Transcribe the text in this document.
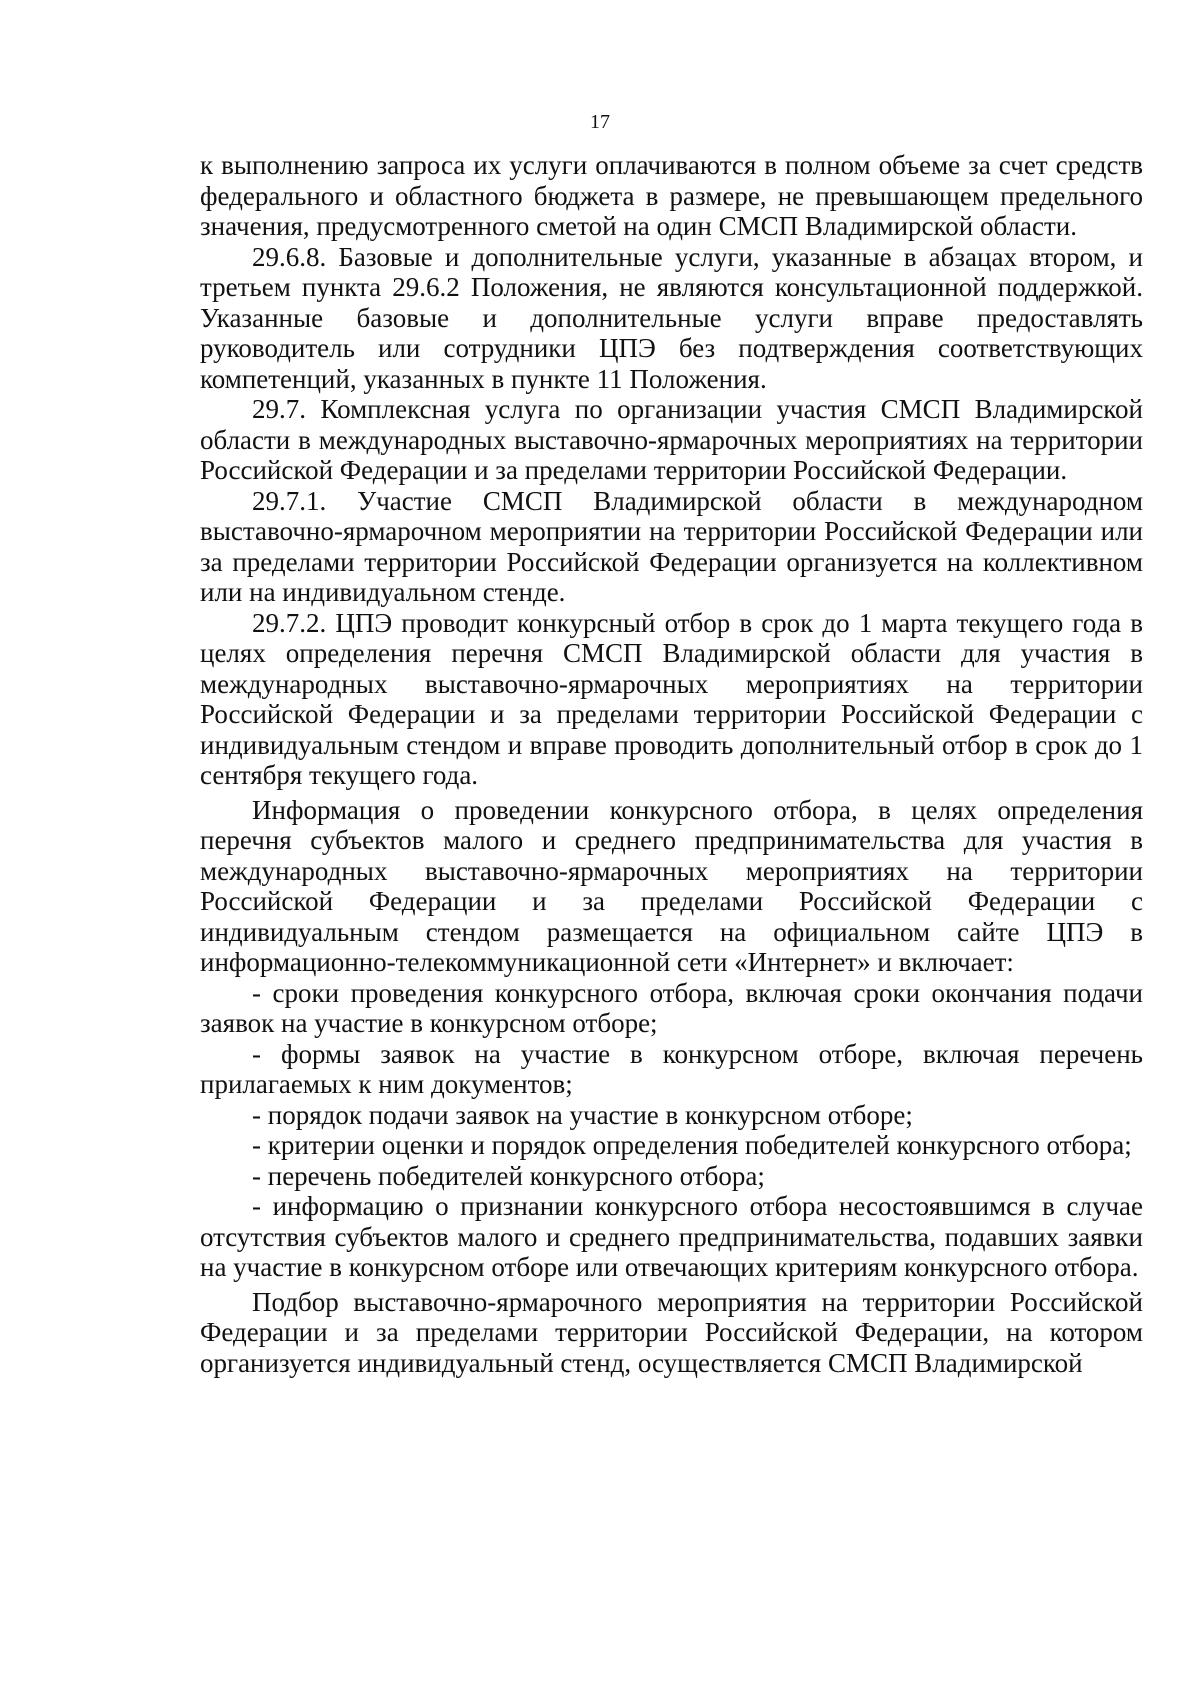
17

к выполнению запроса их услуги оплачиваются в полном объеме за счет средств федерального и областного бюджета в размере, не превышающем предельного значения, предусмотренного сметой на один СМСП Владимирской области.

29.6.8. Базовые и дополнительные услуги, указанные в абзацах втором, и третьем пункта 29.6.2 Положения, не являются консультационной поддержкой. Указанные базовые и дополнительные услуги вправе предоставлять руководитель или сотрудники ЦПЭ без подтверждения соответствующих компетенций, указанных в пункте 11 Положения.

29.7. Комплексная услуга по организации участия СМСП Владимирской области в международных выставочно-ярмарочных мероприятиях на территории Российской Федерации и за пределами территории Российской Федерации.

29.7.1. Участие СМСП Владимирской области в международном выставочно-ярмарочном мероприятии на территории Российской Федерации или за пределами территории Российской Федерации организуется на коллективном или на индивидуальном стенде.

29.7.2. ЦПЭ проводит конкурсный отбор в срок до 1 марта текущего года в целях определения перечня СМСП Владимирской области для участия в международных выставочно-ярмарочных мероприятиях на территории Российской Федерации и за пределами территории Российской Федерации с индивидуальным стендом и вправе проводить дополнительный отбор в срок до 1 сентября текущего года.

Информация о проведении конкурсного отбора, в целях определения перечня субъектов малого и среднего предпринимательства для участия в международных выставочно-ярмарочных мероприятиях на территории Российской Федерации и за пределами Российской Федерации с индивидуальным стендом размещается на официальном сайте ЦПЭ в информационно-телекоммуникационной сети «Интернет» и включает:

- сроки проведения конкурсного отбора, включая сроки окончания подачи заявок на участие в конкурсном отборе;

- формы заявок на участие в конкурсном отборе, включая перечень прилагаемых к ним документов;

- порядок подачи заявок на участие в конкурсном отборе;

- критерии оценки и порядок определения победителей конкурсного отбора;

- перечень победителей конкурсного отбора;

- информацию о признании конкурсного отбора несостоявшимся в случае отсутствия субъектов малого и среднего предпринимательства, подавших заявки на участие в конкурсном отборе или отвечающих критериям конкурсного отбора.

Подбор выставочно-ярмарочного мероприятия на территории Российской Федерации и за пределами территории Российской Федерации, на котором организуется индивидуальный стенд, осуществляется СМСП Владимирской
